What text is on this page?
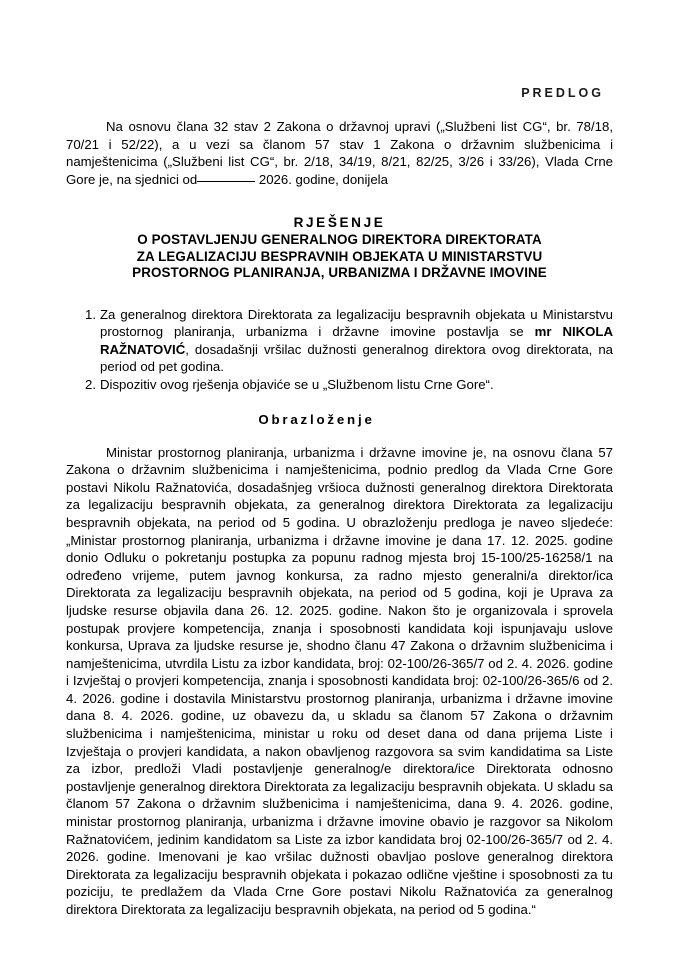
PREDLOG

Na osnovu člana 32 stav 2 Zakona o državnoj upravi („Službeni list CG“, br. 78/18, 70/21 i 52/22), a u vezi sa članom 57 stav 1 Zakona o državnim službenicima i namještenicima („Službeni list CG“, br. 2/18, 34/19, 8/21, 82/25, 3/26 i 33/26), Vlada Crne Gore je, na sjednici od	2026. godine, donijela

RJEŠENJE
O POSTAVLJENJU GENERALNOG DIREKTORA DIREKTORATA
ZA LEGALIZACIJU BESPRAVNIH OBJEKATA U MINISTARSTVU
PROSTORNOG PLANIRANJA, URBANIZMA I DRŽAVNE IMOVINE
Za generalnog direktora Direktorata za legalizaciju bespravnih objekata u Ministarstvu prostornog planiranja, urbanizma i državne imovine postavlja se mr NIKOLA RAŽNATOVIĆ, dosadašnji vršilac dužnosti generalnog direktora ovog direktorata, na period od pet godina.
Dispozitiv ovog rješenja objaviće se u „Službenom listu Crne Gore“.
Obrazloženje

Ministar prostornog planiranja, urbanizma i državne imovine je, na osnovu člana 57 Zakona o državnim službenicima i namještenicima, podnio predlog da Vlada Crne Gore postavi Nikolu Ražnatovića, dosadašnjeg vršioca dužnosti generalnog direktora Direktorata za legalizaciju bespravnih objekata, za generalnog direktora Direktorata za legalizaciju bespravnih objekata, na period od 5 godina. U obrazloženju predloga je naveo sljedeće: „Ministar prostornog planiranja, urbanizma i državne imovine je dana 17. 12. 2025. godine donio Odluku o pokretanju postupka za popunu radnog mjesta broj 15-100/25-16258/1 na određeno vrijeme, putem javnog konkursa, za radno mjesto generalni/a direktor/ica Direktorata za legalizaciju bespravnih objekata, na period od 5 godina, koji je Uprava za ljudske resurse objavila dana 26. 12. 2025. godine. Nakon što je organizovala i sprovela postupak provjere kompetencija, znanja i sposobnosti kandidata koji ispunjavaju uslove konkursa, Uprava za ljudske resurse je, shodno članu 47 Zakona o državnim službenicima i namještenicima, utvrdila Listu za izbor kandidata, broj: 02-100/26-365/7 od 2. 4. 2026. godine i Izvještaj o provjeri kompetencija, znanja i sposobnosti kandidata broj: 02-100/26-365/6 od 2. 4. 2026. godine i dostavila Ministarstvu prostornog planiranja, urbanizma i državne imovine dana 8. 4. 2026. godine, uz obavezu da, u skladu sa članom 57 Zakona o državnim službenicima i namještenicima, ministar u roku od deset dana od dana prijema Liste i Izvještaja o provjeri kandidata, a nakon obavljenog razgovora sa svim kandidatima sa Liste za izbor, predloži Vladi postavljenje generalnog/e direktora/ice Direktorata odnosno postavljenje generalnog direktora Direktorata za legalizaciju bespravnih objekata. U skladu sa članom 57 Zakona o državnim službenicima i namještenicima, dana 9. 4. 2026. godine, ministar prostornog planiranja, urbanizma i državne imovine obavio je razgovor sa Nikolom Ražnatovićem, jedinim kandidatom sa Liste za izbor kandidata broj 02-100/26-365/7 od 2. 4. 2026. godine. Imenovani je kao vršilac dužnosti obavljao poslove generalnog direktora Direktorata za legalizaciju bespravnih objekata i pokazao odlične vještine i sposobnosti za tu poziciju, te predlažem da Vlada Crne Gore postavi Nikolu Ražnatovića za generalnog direktora Direktorata za legalizaciju bespravnih objekata, na period od 5 godina.“
